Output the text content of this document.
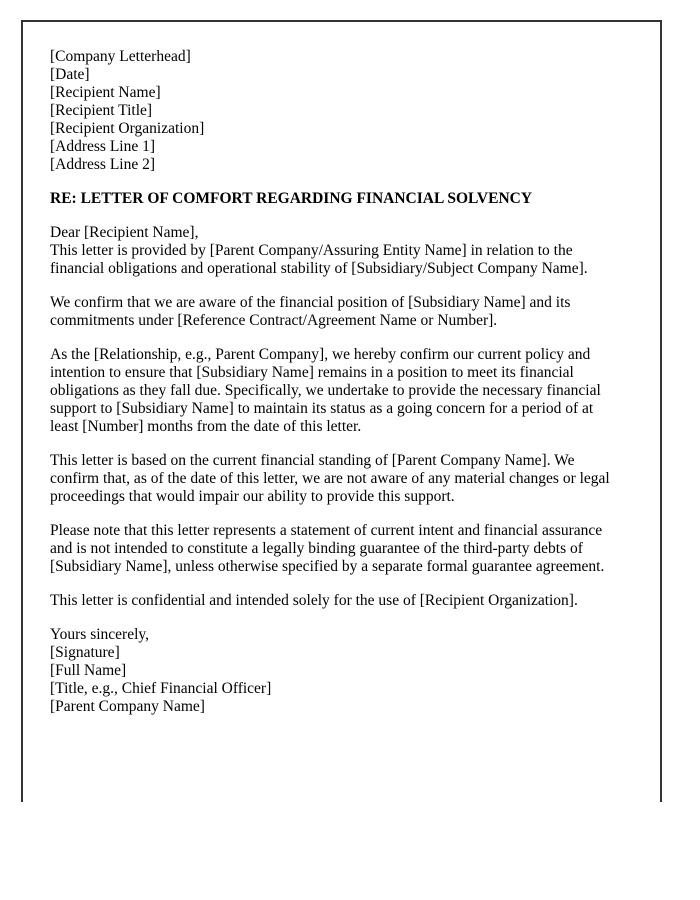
[Company Letterhead]
[Date]
[Recipient Name]
[Recipient Title]
[Recipient Organization]
[Address Line 1]
[Address Line 2]
RE: LETTER OF COMFORT REGARDING FINANCIAL SOLVENCY
Dear [Recipient Name],

This letter is provided by [Parent Company/Assuring Entity Name] in relation to the financial obligations and operational stability of [Subsidiary/Subject Company Name].

We confirm that we are aware of the financial position of [Subsidiary Name] and its commitments under [Reference Contract/Agreement Name or Number].

As the [Relationship, e.g., Parent Company], we hereby confirm our current policy and intention to ensure that [Subsidiary Name] remains in a position to meet its financial obligations as they fall due. Specifically, we undertake to provide the necessary financial support to [Subsidiary Name] to maintain its status as a going concern for a period of at least [Number] months from the date of this letter.

This letter is based on the current financial standing of [Parent Company Name]. We confirm that, as of the date of this letter, we are not aware of any material changes or legal proceedings that would impair our ability to provide this support.

Please note that this letter represents a statement of current intent and financial assurance and is not intended to constitute a legally binding guarantee of the third-party debts of [Subsidiary Name], unless otherwise specified by a separate formal guarantee agreement.

This letter is confidential and intended solely for the use of [Recipient Organization].

Yours sincerely,
[Signature]
[Full Name]
[Title, e.g., Chief Financial Officer]
[Parent Company Name]
